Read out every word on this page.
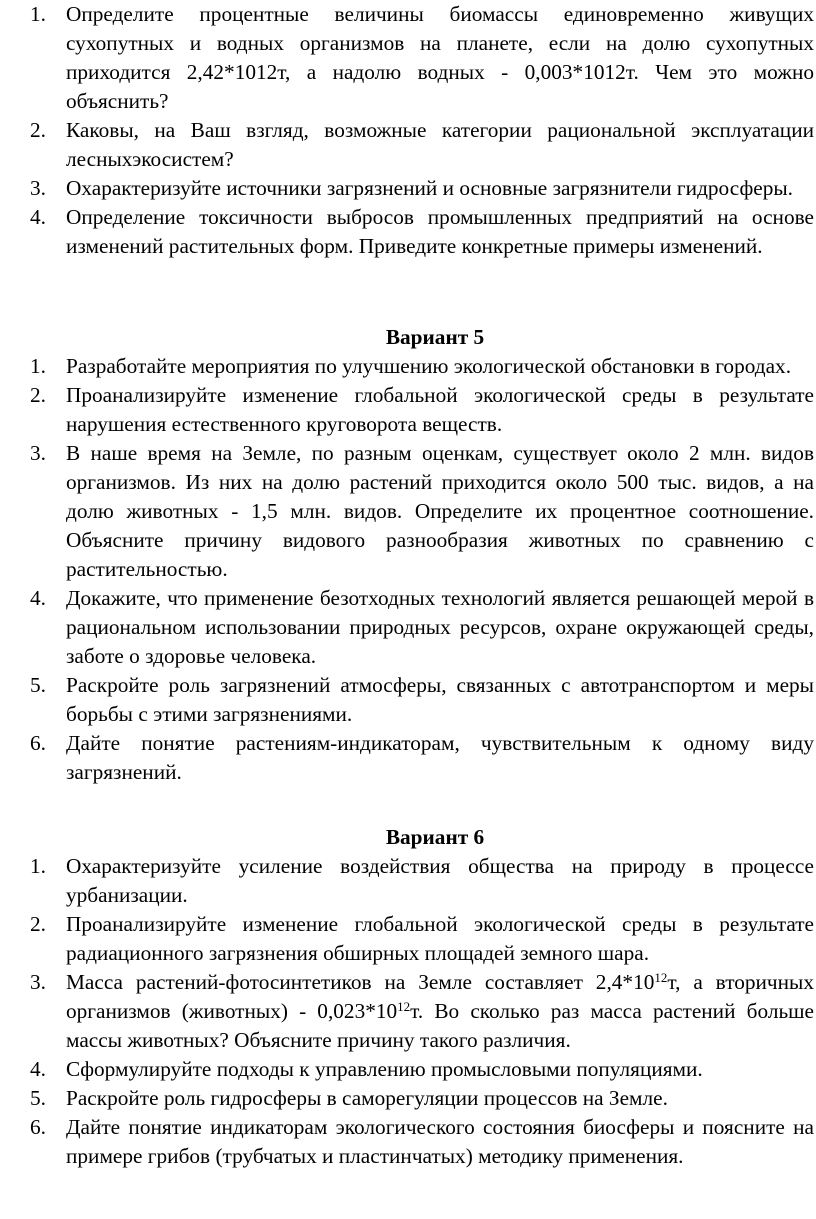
1. Определите процентные величины биомассы единовременно живущих сухопутных и водных организмов на планете, если на долю сухопутных приходится 2,42*1012т, а надолю водных - 0,003*1012т. Чем это можно объяснить?
2. Каковы, на Ваш взгляд, возможные категории рациональной эксплуатации лесныхэкосистем?
3. Охарактеризуйте источники загрязнений и основные загрязнители гидросферы.
4. Определение токсичности выбросов промышленных предприятий на основе изменений растительных форм. Приведите конкретные примеры изменений.
Вариант 5
1. Разработайте мероприятия по улучшению экологической обстановки в городах.
2. Проанализируйте изменение глобальной экологической среды в результате нарушения естественного круговорота веществ.
3. В наше время на Земле, по разным оценкам, существует около 2 млн. видов организмов. Из них на долю растений приходится около 500 тыс. видов, а на долю животных - 1,5 млн. видов. Определите их процентное соотношение. Объясните причину видового разнообразия животных по сравнению с растительностью.
4. Докажите, что применение безотходных технологий является решающей мерой в рациональном использовании природных ресурсов, охране окружающей среды, заботе о здоровье человека.
5. Раскройте роль загрязнений атмосферы, связанных с автотранспортом и меры борьбы с этими загрязнениями.
6. Дайте понятие растениям-индикаторам, чувствительным к одному виду загрязнений.
Вариант 6
1. Охарактеризуйте усиление воздействия общества на природу в процессе урбанизации.
2. Проанализируйте изменение глобальной экологической среды в результате радиационного загрязнения обширных площадей земного шара.
3. Масса растений-фотосинтетиков на Земле составляет $2,4*10^{12}т$, а вторичных организмов (животных) - $0,023*10^{12}т$. Во сколько раз масса растений больше массы животных? Объясните причину такого различия.
4. Сформулируйте подходы к управлению промысловыми популяциями.
5. Раскройте роль гидросферы в саморегуляции процессов на Земле.
6. Дайте понятие индикаторам экологического состояния биосферы и поясните на примере грибов (трубчатых и пластинчатых) методику применения.
